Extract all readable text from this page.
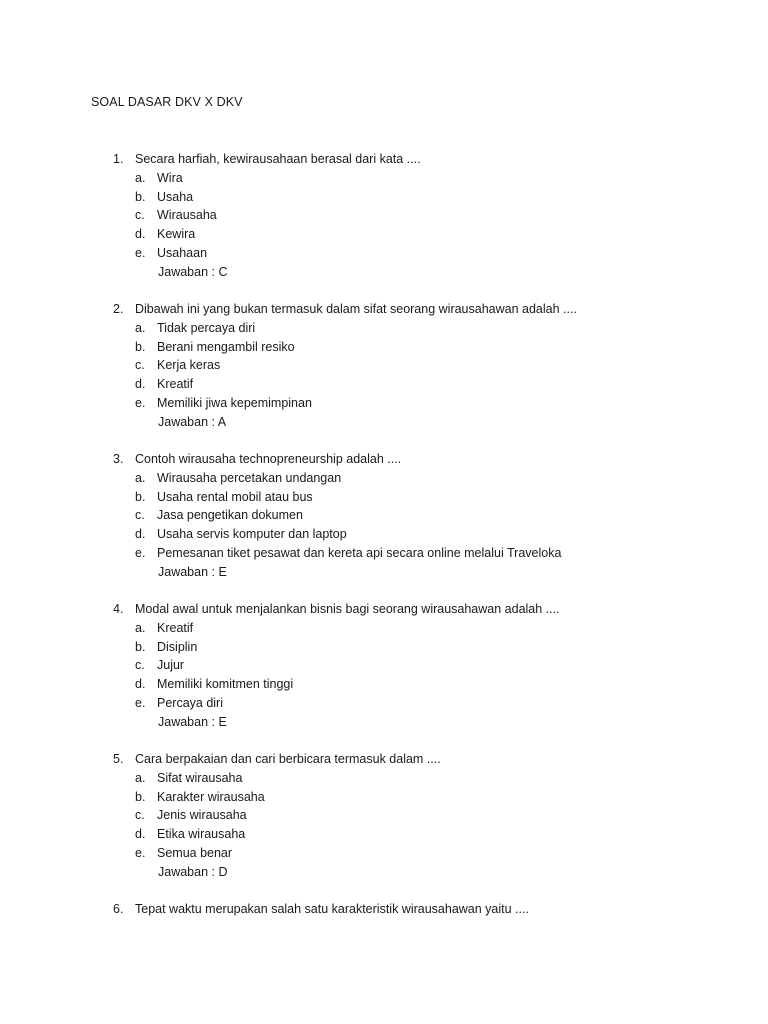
SOAL DASAR DKV X DKV
1. Secara harfiah, kewirausahaan berasal dari kata ....
a. Wira
b. Usaha
c. Wirausaha
d. Kewira
e. Usahaan
Jawaban : C
2. Dibawah ini yang bukan termasuk dalam sifat seorang wirausahawan adalah ....
a. Tidak percaya diri
b. Berani mengambil resiko
c. Kerja keras
d. Kreatif
e. Memiliki jiwa kepemimpinan
Jawaban : A
3. Contoh wirausaha technopreneurship adalah ....
a. Wirausaha percetakan undangan
b. Usaha rental mobil atau bus
c. Jasa pengetikan dokumen
d. Usaha servis komputer dan laptop
e. Pemesanan tiket pesawat dan kereta api secara online melalui Traveloka
Jawaban : E
4. Modal awal untuk menjalankan bisnis bagi seorang wirausahawan adalah ....
a. Kreatif
b. Disiplin
c. Jujur
d. Memiliki komitmen tinggi
e. Percaya diri
Jawaban : E
5. Cara berpakaian dan cari berbicara termasuk dalam ....
a. Sifat wirausaha
b. Karakter wirausaha
c. Jenis wirausaha
d. Etika wirausaha
e. Semua benar
Jawaban : D
6. Tepat waktu merupakan salah satu karakteristik wirausahawan yaitu ....
